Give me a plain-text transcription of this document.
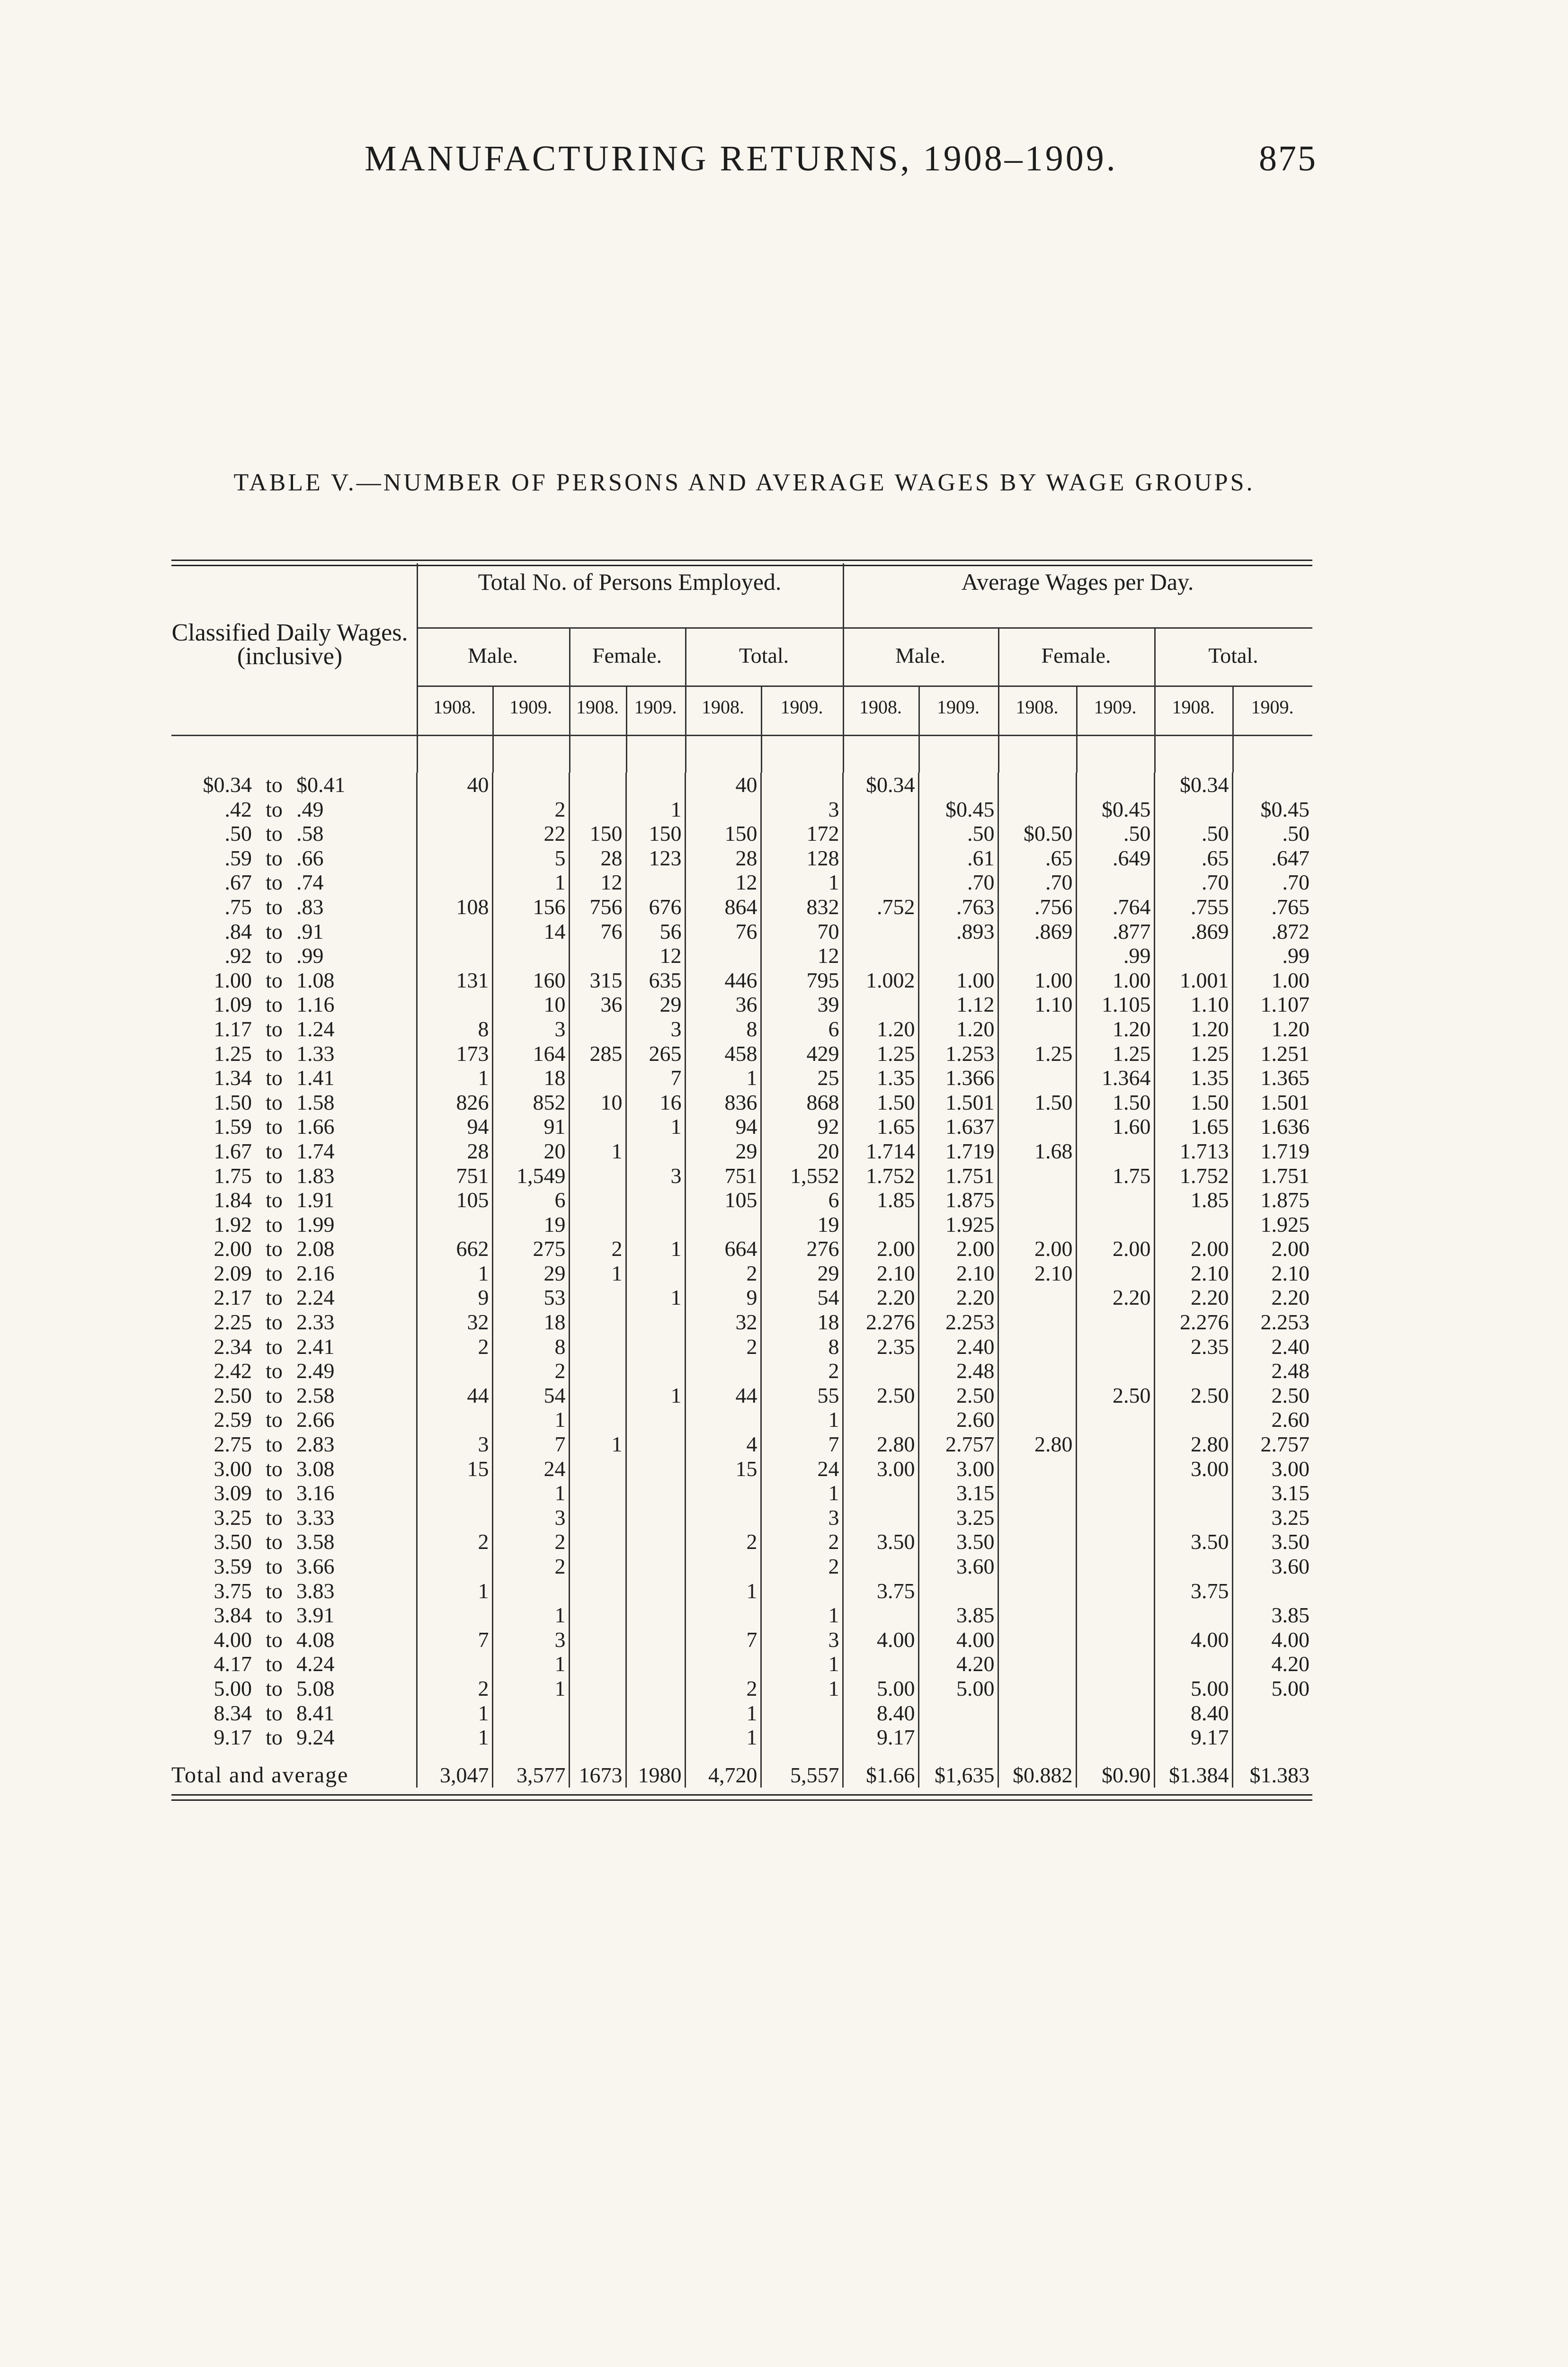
MANUFACTURING RETURNS, 1908–1909.	875
TABLE V.—NUMBER OF PERSONS AND AVERAGE WAGES BY WAGE GROUPS.
Classified Daily Wages. (inclusive)
Total No. of Persons Employed.	Average Wages per Day.
Male.	Female.	Total.	Male.	Female.	Total.
1908.	1909.	1908. 1909.	1908.	1909.	1908.	1909.	1908.	1909.	1908.	1909.
$0.34 to $0.41	40				40		$0.34				$0.34	
.42 to .49		2		1		3		$0.45		$0.45		$0.45
.50 to .58		22	150	150	150	172		.50	$0.50	.50	.50	.50
.59 to .66		5	28	123	28	128		.61	.65	.649	.65	.647
.67 to .74		1	12		12	1		.70	.70		.70	.70
.75 to .83	108	156	756	676	864	832	.752	.763	.756	.764	.755	.765
.84 to .91		14	76	56	76	70		.893	.869	.877	.869	.872
.92 to .99				12		12				.99		.99
1.00 to 1.08	131	160	315	635	446	795	1.002	1.00	1.00	1.00	1.001	1.00
1.09 to 1.16		10	36	29	36	39		1.12	1.10	1.105	1.10	1.107
1.17 to 1.24	8	3		3	8	6	1.20	1.20		1.20	1.20	1.20
1.25 to 1.33	173	164	285	265	458	429	1.25	1.253	1.25	1.25	1.25	1.251
1.34 to 1.41	1	18		7	1	25	1.35	1.366		1.364	1.35	1.365
1.50 to 1.58	826	852	10	16	836	868	1.50	1.501	1.50	1.50	1.50	1.501
1.59 to 1.66	94	91		1	94	92	1.65	1.637		1.60	1.65	1.636
1.67 to 1.74	28	20	1		29	20	1.714	1.719	1.68		1.713	1.719
1.75 to 1.83	751	1,549		3	751	1,552	1.752	1.751		1.75	1.752	1.751
1.84 to 1.91	105	6			105	6	1.85	1.875			1.85	1.875
1.92 to 1.99		19				19		1.925				1.925
2.00 to 2.08	662	275	2	1	664	276	2.00	2.00	2.00	2.00	2.00	2.00
2.09 to 2.16	1	29	1		2	29	2.10	2.10	2.10		2.10	2.10
2.17 to 2.24	9	53		1	9	54	2.20	2.20		2.20	2.20	2.20
2.25 to 2.33	32	18			32	18	2.276	2.253			2.276	2.253
2.34 to 2.41	2	8			2	8	2.35	2.40			2.35	2.40
2.42 to 2.49		2				2		2.48				2.48
2.50 to 2.58	44	54		1	44	55	2.50	2.50		2.50	2.50	2.50
2.59 to 2.66		1				1		2.60				2.60
2.75 to 2.83	3	7	1		4	7	2.80	2.757	2.80		2.80	2.757
3.00 to 3.08	15	24			15	24	3.00	3.00			3.00	3.00
3.09 to 3.16		1				1		3.15				3.15
3.25 to 3.33		3				3		3.25				3.25
3.50 to 3.58	2	2			2	2	3.50	3.50			3.50	3.50
3.59 to 3.66		2				2		3.60				3.60
3.75 to 3.83	1				1		3.75				3.75	
3.84 to 3.91		1				1		3.85				3.85
4.00 to 4.08	7	3			7	3	4.00	4.00			4.00	4.00
4.17 to 4.24		1				1		4.20				4.20
5.00 to 5.08	2	1			2	1	5.00	5.00			5.00	5.00
8.34 to 8.41	1				1		8.40				8.40	
9.17 to 9.24	1				1		9.17				9.17	
Total and average	3,047	3,577	1673	1980	4,720	5,557	$1.66	$1,635	$0.882	$0.90	$1.384	$1.383
